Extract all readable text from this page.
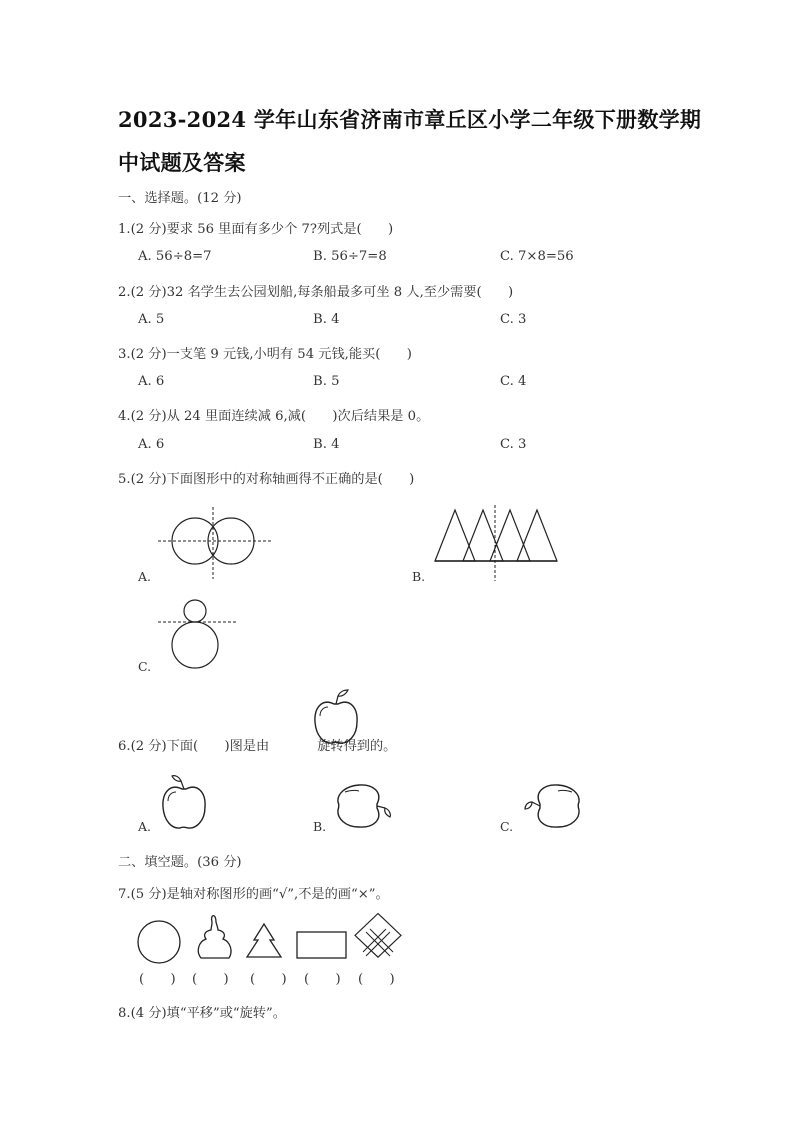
2023-2024 学年山东省济南市章丘区小学二年级下册数学期
中试题及答案
一、选择题。(12 分)
1.(2 分)要求 56 里面有多少个 7?列式是(　　)
A. 56÷8=7	B. 56÷7=8	C. 7×8=56
2.(2 分)32 名学生去公园划船,每条船最多可坐 8 人,至少需要(　　)
A. 5	B. 4	C. 3
3.(2 分)一支笔 9 元钱,小明有 54 元钱,能买(　　)
A. 6	B. 5	C. 4
4.(2 分)从 24 里面连续减 6,减(　　)次后结果是 0。
A. 6	B. 4	C. 3
5.(2 分)下面图形中的对称轴画得不正确的是(　　)
A.	B.
C.
6.(2 分)下面(　　)图是由	旋转得到的。
A.	B.	C.
二、填空题。(36 分)
7.(5 分)是轴对称图形的画“√”,不是的画“×”。
(　　) (　　) (　　) (　　) (　　)
8.(4 分)填“平移”或“旋转”。
